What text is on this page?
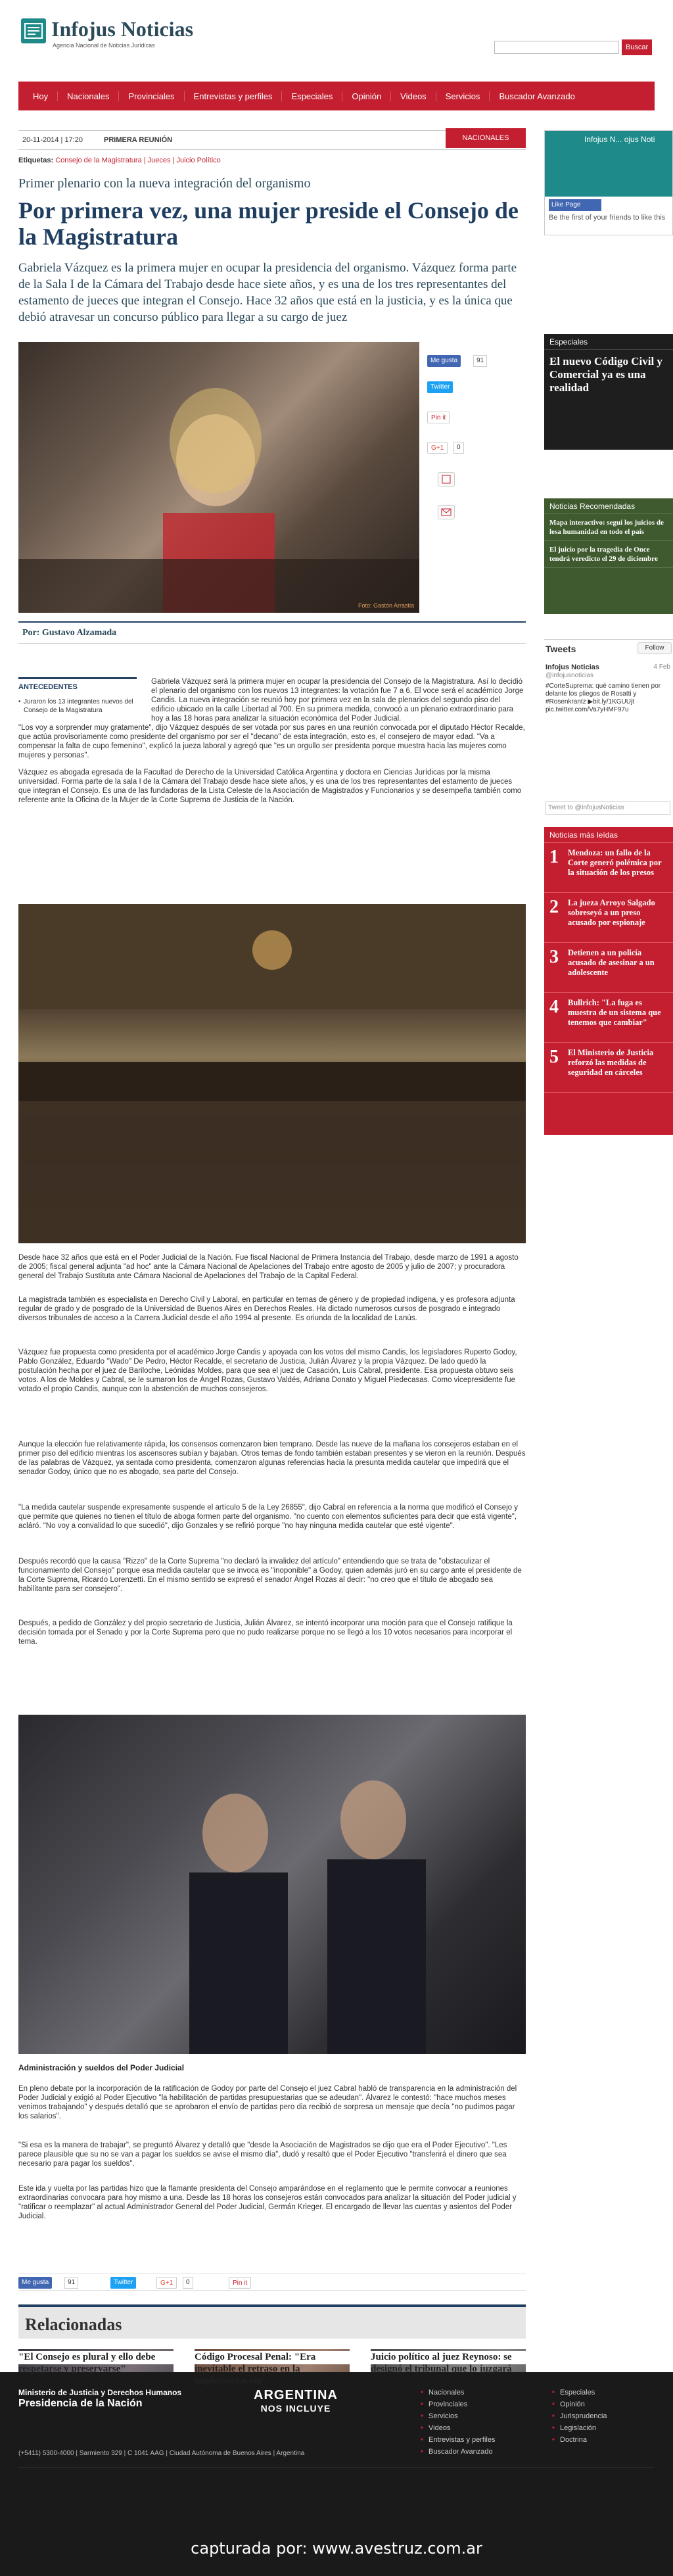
Infojus Noticias
Agencia Nacional de Noticias Jurídicas	Buscar
Hoy	Nacionales	Provinciales	Entrevistas y perfiles	Especiales	Opinión	Videos	Servicios	Buscador Avanzado
20-11-2014 | 17:20	PRIMERA REUNIÓN	NACIONALES
Etiquetas: Consejo de la Magistratura | Jueces | Juicio Político
Primer plenario con la nueva integración del organismo
Por primera vez, una mujer preside el Consejo de la Magistratura

Gabriela Vázquez es la primera mujer en ocupar la presidencia del organismo. Vázquez forma parte de la Sala I de la Cámara del Trabajo desde hace siete años, y es una de los tres representantes del estamento de jueces que integran el Consejo. Hace 32 años que está en la justicia, y es la única que debió atravesar un concurso público para llegar a su cargo de juez

Foto: Gastón Arrastia
Me gusta	91
Twitter
Pin it
G+1	0
Por: Gustavo Alzamada
ANTECEDENTES
• Juraron los 13 integrantes nuevos del Consejo de la Magistratura

Gabriela Vázquez será la primera mujer en ocupar la presidencia del Consejo de la Magistratura. Así lo decidió el plenario del organismo con los nuevos 13 integrantes: la votación fue 7 a 6. El voce será el académico Jorge Candis. La nueva integración se reunió hoy por primera vez en la sala de plenarios del segundo piso del edificio ubicado en la calle Libertad al 700. En su primera medida, convocó a un plenario extraordinario para hoy a las 18 horas para analizar la situación económica del Poder Judicial.

"Los voy a sorprender muy gratamente", dijo Vázquez después de ser votada por sus pares en una reunión convocada por el diputado Héctor Recalde, que actúa provisoriamente como presidente del organismo por ser el "decano" de esta integración, esto es, el consejero de mayor edad. "Va a compensar la falta de cupo femenino", explicó la jueza laboral y agregó que "es un orgullo ser presidenta porque muestra hacia las mujeres como mujeres y personas".

Vázquez es abogada egresada de la Facultad de Derecho de la Universidad Católica Argentina y doctora en Ciencias Jurídicas por la misma universidad. Forma parte de la sala I de la Cámara del Trabajo desde hace siete años, y es una de los tres representantes del estamento de jueces que integran el Consejo. Es una de las fundadoras de la Lista Celeste de la Asociación de Magistrados y Funcionarios y se desempeña también como referente ante la Oficina de la Mujer de la Corte Suprema de Justicia de la Nación.

Desde hace 32 años que está en el Poder Judicial de la Nación. Fue fiscal Nacional de Primera Instancia del Trabajo, desde marzo de 1991 a agosto de 2005; fiscal general adjunta "ad hoc" ante la Cámara Nacional de Apelaciones del Trabajo entre agosto de 2005 y julio de 2007; y procuradora general del Trabajo Sustituta ante Cámara Nacional de Apelaciones del Trabajo de la Capital Federal.

La magistrada también es especialista en Derecho Civil y Laboral, en particular en temas de género y de propiedad indígena, y es profesora adjunta regular de grado y de posgrado de la Universidad de Buenos Aires en Derechos Reales. Ha dictado numerosos cursos de posgrado e integrado diversos tribunales de acceso a la Carrera Judicial desde el año 1994 al presente. Es oriunda de la localidad de Lanús.

Vázquez fue propuesta como presidenta por el académico Jorge Candis y apoyada con los votos del mismo Candis, los legisladores Ruperto Godoy, Pablo González, Eduardo "Wado" De Pedro, Héctor Recalde, el secretario de Justicia, Julián Álvarez y la propia Vázquez. De lado quedó la postulación hecha por el juez de Bariloche, Leónidas Moldes, para que sea el juez de Casación, Luis Cabral, presidente. Esa propuesta obtuvo seis votos. A los de Moldes y Cabral, se le sumaron los de Ángel Rozas, Gustavo Valdés, Adriana Donato y Miguel Piedecasas. Como vicepresidente fue votado el propio Candis, aunque con la abstención de muchos consejeros.

Aunque la elección fue relativamente rápida, los consensos comenzaron bien temprano. Desde las nueve de la mañana los consejeros estaban en el primer piso del edificio mientras los ascensores subían y bajaban. Otros temas de fondo también estaban presentes y se vieron en la reunión. Después de las palabras de Vázquez, ya sentada como presidenta, comenzaron algunas referencias hacia la presunta medida cautelar que impedirá que el senador Godoy, único que no es abogado, sea parte del Consejo.

"La medida cautelar suspende expresamente suspende el artículo 5 de la Ley 26855", dijo Cabral en referencia a la norma que modificó el Consejo y que permite que quienes no tienen el título de aboga formen parte del organismo. "no cuento con elementos suficientes para decir que está vigente", acláró. "No voy a convalidad lo que sucedió", dijo Gonzales y se refirió porque "no hay ninguna medida cautelar que esté vigente".

Después recordó que la causa "Rizzo" de la Corte Suprema "no declaró la invalidez del artículo" entendiendo que se trata de "obstaculizar el funcionamiento del Consejo" porque esa medida cautelar que se invoca es "inoponible" a Godoy, quien además juró en su cargo ante el presidente de la Corte Suprema, Ricardo Lorenzetti. En el mismo sentido se expresó el senador Ángel Rozas al decir: "no creo que el título de abogado sea habilitante para ser consejero".

Después, a pedido de González y del propio secretario de Justicia, Julián Álvarez, se intentó incorporar una moción para que el Consejo ratifique la decisión tomada por el Senado y por la Corte Suprema pero que no pudo realizarse porque no se llegó a los 10 votos necesarios para incorporar el tema.

Administración y sueldos del Poder Judicial

En pleno debate por la incorporación de la ratificación de Godoy por parte del Consejo el juez Cabral habló de transparencia en la administración del Poder Judicial y exigió al Poder Ejecutivo "la habilitación de partidas presupuestarias que se adeudan". Álvarez le contestó: "hace muchos meses venimos trabajando" y después detalló que se aprobaron el envío de partidas pero dia recibió de sorpresa un mensaje que decía "no pudimos pagar los salarios".

"Si esa es la manera de trabajar", se preguntó Álvarez y detalló que "desde la Asociación de Magistrados se dijo que era el Poder Ejecutivo". "Les parece plausible que su no se van a pagar los sueldos se avise el mismo día", dudó y resaltó que el Poder Ejecutivo "transferirá el dinero que sea necesario para pagar los sueldos".

Este ida y vuelta por las partidas hizo que la flamante presidenta del Consejo amparándose en el reglamento que le permite convocar a reuniones extraordinarias convocara para hoy mismo a una. Desde las 18 horas los consejeros están convocados para analizar la situación del Poder judicial y "ratificar o reemplazar" al actual Administrador General del Poder Judicial, Germán Krieger. El encargado de llevar las cuentas y asientos del Poder Judicial.

Me gusta	91	Twitter	G+1	0	Pin it
Relacionadas
Infojus N... ojus Noti
Like Page
Be the first of your friends to like this
Especiales
El nuevo Código Civil y Comercial ya es una realidad
Noticias Recomendadas
Mapa interactivo: seguí los juicios de lesa humanidad en todo el país
El juicio por la tragedia de Once tendrá veredicto el 29 de diciembre
Tweets	Follow
Infojus Noticias	4 Feb

@infojusnoticias

#CorteSuprema: qué camino tienen por delante los pliegos de Rosatti y #Rosenkrantz ▶bit.ly/1KGUUjt pic.twitter.com/Va7yHMF97u
Tweet to @InfojusNoticias
Noticias más leídas
1 Mendoza: un fallo de la Corte generó polémica por la situación de los presos
2 La jueza Arroyo Salgado sobreseyó a un preso acusado por espionaje
3 Detienen a un policía acusado de asesinar a un adolescente
4 Bullrich: "La fuga es muestra de un sistema que tenemos que cambiar"
5 El Ministerio de Justicia reforzó las medidas de seguridad en cárceles
"El Consejo es plural y ello debe respetarse y preservarse"
Código Procesal Penal: "Era inevitable el retraso en la implementación"
Juicio político al juez Reynoso: se designó el tribunal que lo juzgará
Ministerio de Justicia y Derechos Humanos
Presidencia de la Nación
ARGENTINA
NOS INCLUYE
■ Nacionales
■ Provinciales
■ Servicios
■ Videos
■ Entrevistas y perfiles
■ Buscador Avanzado
■ Especiales
■ Opinión
■ Jurisprudencia
■ Legislación
■ Doctrina
(+5411) 5300-4000 | Sarmiento 329 | C 1041 AAG | Ciudad Autónoma de Buenos Aires | Argentina
capturada por: www.avestruz.com.ar
